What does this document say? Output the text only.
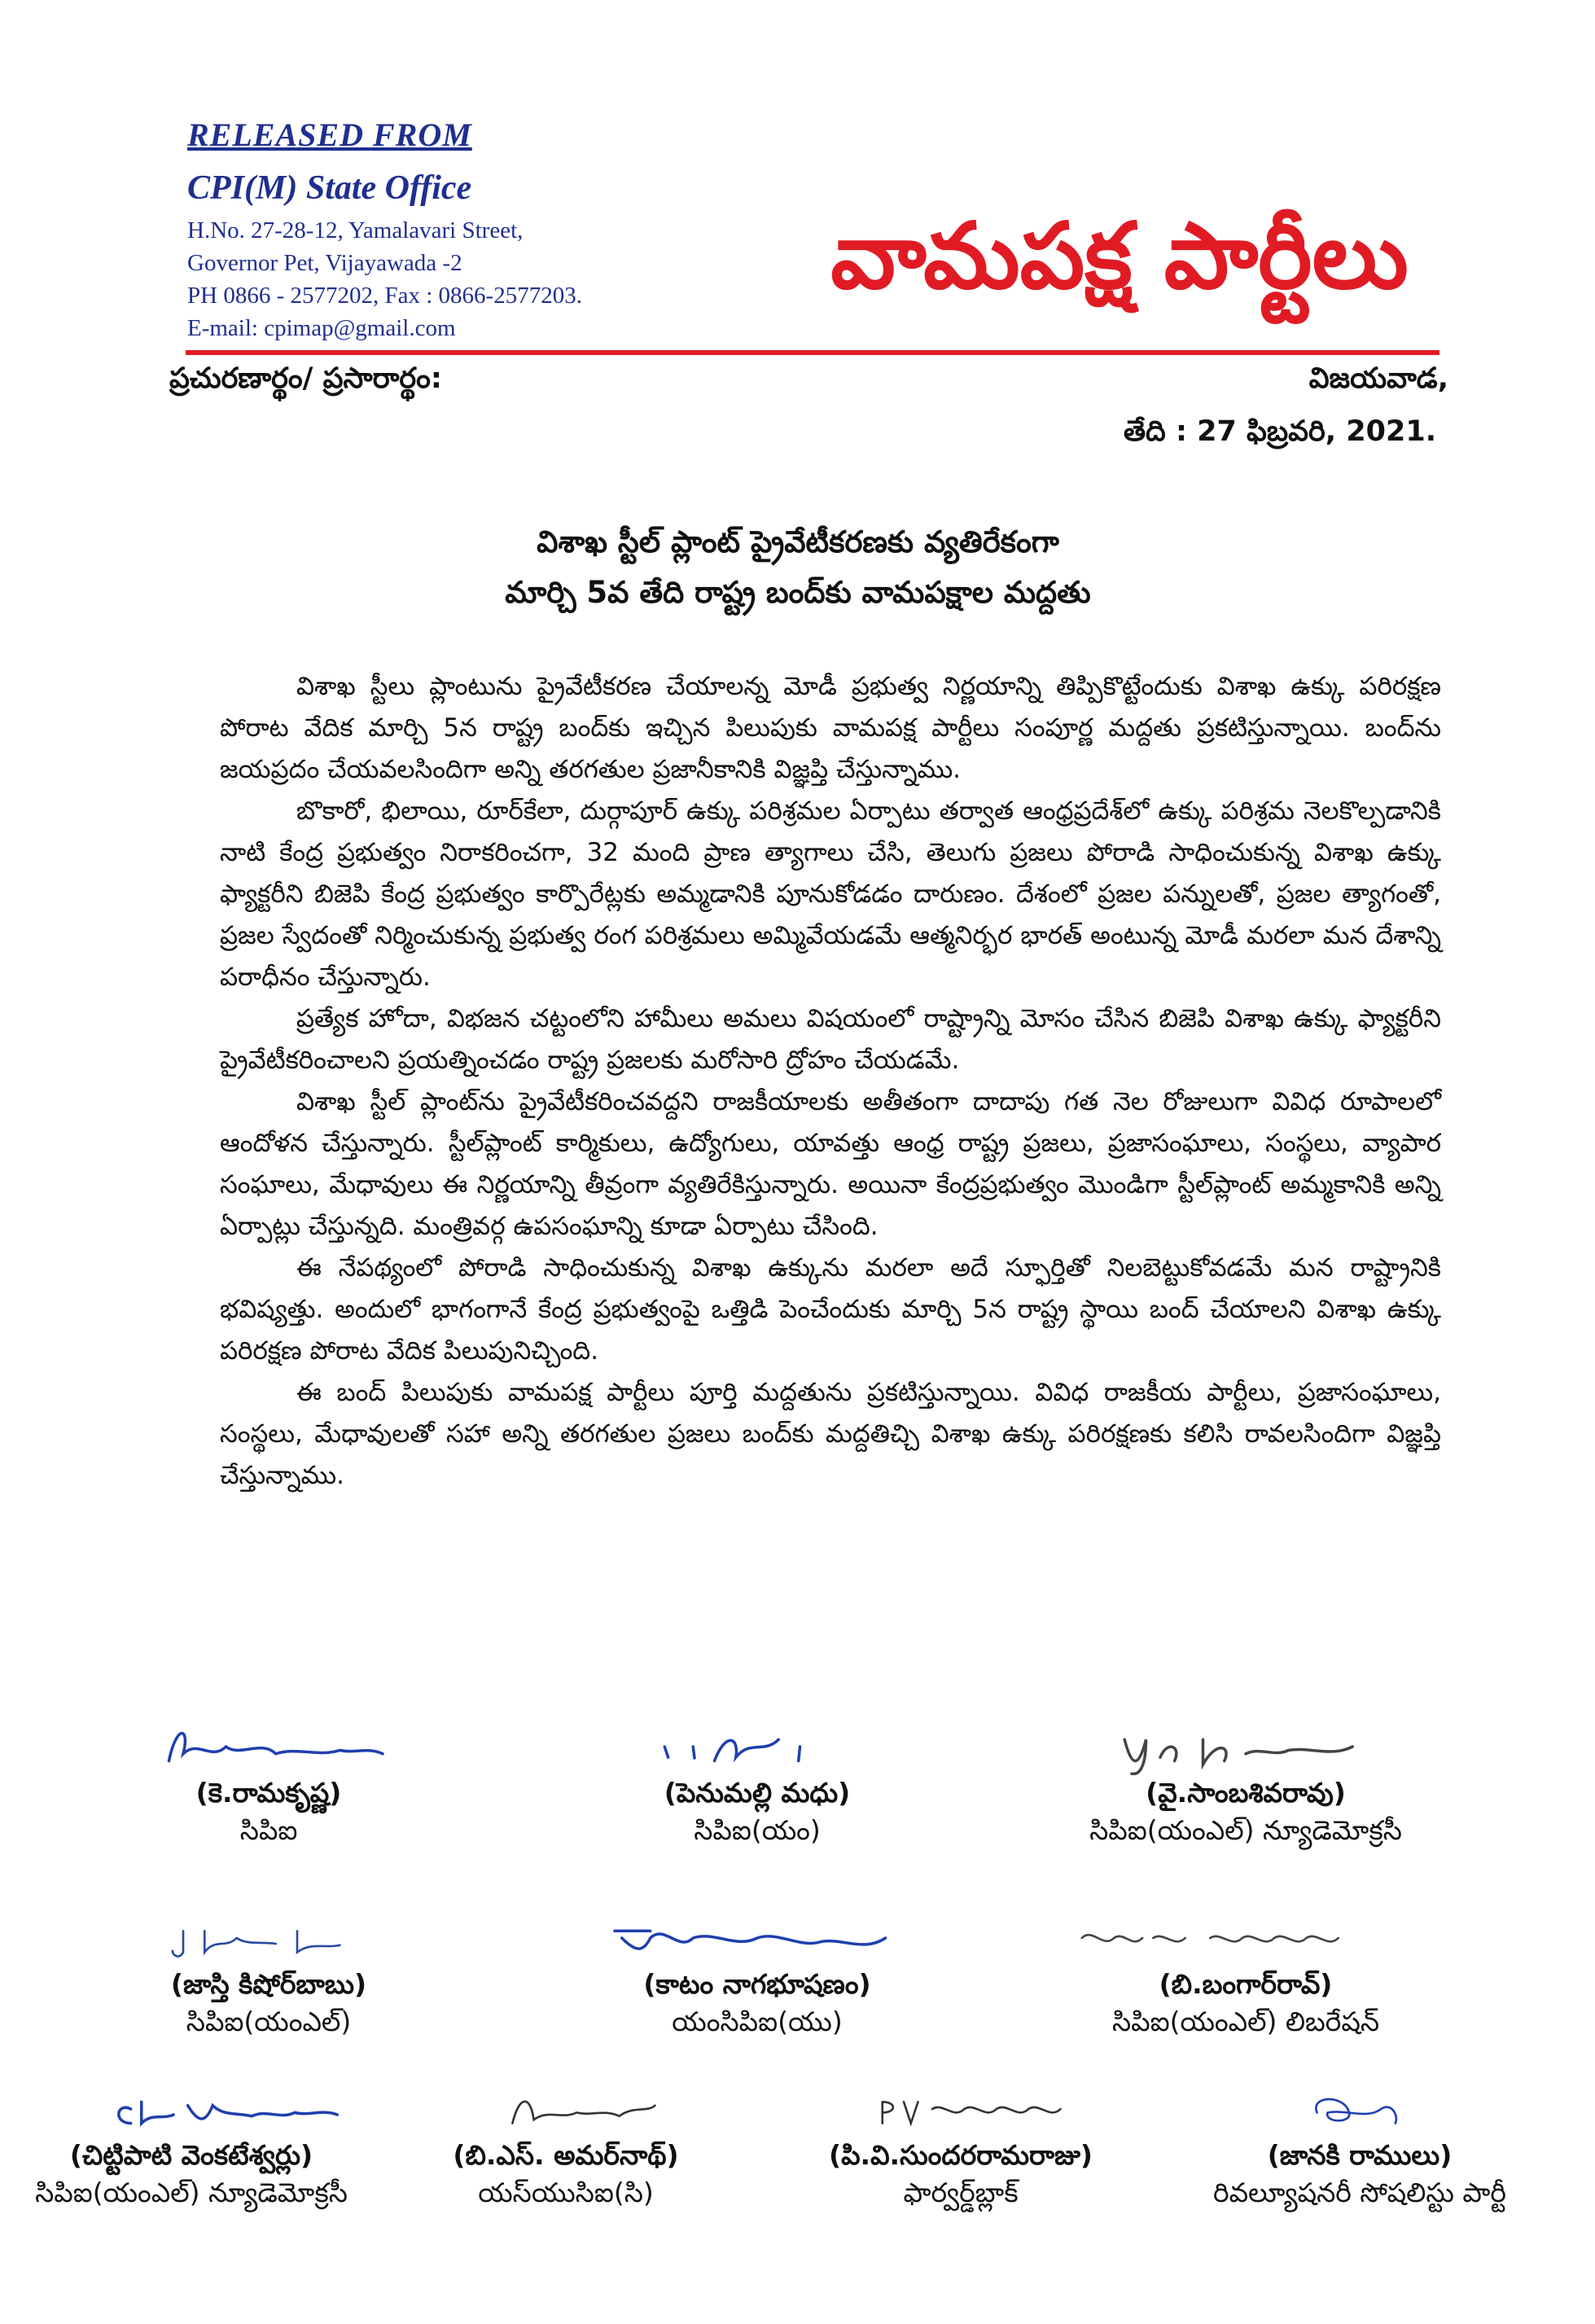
RELEASED FROM
CPI(M) State Office
H.No. 27-28-12, Yamalavari Street,
Governor Pet, Vijayawada -2
PH 0866 - 2577202, Fax : 0866-2577203.
E-mail: cpimap@gmail.com
వామపక్ష పార్టీలు
ప్రచురణార్థం/ ప్రసారార్థం:	విజయవాడ,
తేది : 27 ఫిబ్రవరి, 2021.
విశాఖ స్టీల్ ప్లాంట్ ప్రైవేటీకరణకు వ్యతిరేకంగా
మార్చి 5వ తేది రాష్ట్ర బంద్‌కు వామపక్షాల మద్దతు

విశాఖ స్టీలు ప్లాంటును ప్రైవేటీకరణ చేయాలన్న మోడీ ప్రభుత్వ నిర్ణయాన్ని తిప్పికొట్టేందుకు విశాఖ ఉక్కు పరిరక్షణ పోరాట వేదిక మార్చి 5న రాష్ట్ర బంద్‌కు ఇచ్చిన పిలుపుకు వామపక్ష పార్టీలు సంపూర్ణ మద్దతు ప్రకటిస్తున్నాయి. బంద్‌ను జయప్రదం చేయవలసిందిగా అన్ని తరగతుల ప్రజానీకానికి విజ్ఞప్తి చేస్తున్నాము.

బొకారో, భిలాయి, రూర్‌కేలా, దుర్గాపూర్ ఉక్కు పరిశ్రమల ఏర్పాటు తర్వాత ఆంధ్రప్రదేశ్‌లో ఉక్కు పరిశ్రమ నెలకొల్పడానికి నాటి కేంద్ర ప్రభుత్వం నిరాకరించగా, 32 మంది ప్రాణ త్యాగాలు చేసి, తెలుగు ప్రజలు పోరాడి సాధించుకున్న విశాఖ ఉక్కు ఫ్యాక్టరీని బిజెపి కేంద్ర ప్రభుత్వం కార్పొరేట్లకు అమ్మడానికి పూనుకోడడం దారుణం. దేశంలో ప్రజల పన్నులతో, ప్రజల త్యాగంతో, ప్రజల స్వేదంతో నిర్మించుకున్న ప్రభుత్వ రంగ పరిశ్రమలు అమ్మివేయడమే ఆత్మనిర్భర భారత్ అంటున్న మోడీ మరలా మన దేశాన్ని పరాధీనం చేస్తున్నారు.

ప్రత్యేక హోదా, విభజన చట్టంలోని హామీలు అమలు విషయంలో రాష్ట్రాన్ని మోసం చేసిన బిజెపి విశాఖ ఉక్కు ఫ్యాక్టరీని ప్రైవేటీకరించాలని ప్రయత్నించడం రాష్ట్ర ప్రజలకు మరోసారి ద్రోహం చేయడమే.

విశాఖ స్టీల్ ప్లాంట్‌ను ప్రైవేటీకరించవద్దని రాజకీయాలకు అతీతంగా దాదాపు గత నెల రోజులుగా వివిధ రూపాలలో ఆందోళన చేస్తున్నారు. స్టీల్‌ప్లాంట్ కార్మికులు, ఉద్యోగులు, యావత్తు ఆంధ్ర రాష్ట్ర ప్రజలు, ప్రజాసంఘాలు, సంస్థలు, వ్యాపార సంఘాలు, మేధావులు ఈ నిర్ణయాన్ని తీవ్రంగా వ్యతిరేకిస్తున్నారు. అయినా కేంద్రప్రభుత్వం మొండిగా స్టీల్‌ప్లాంట్ అమ్మకానికి అన్ని ఏర్పాట్లు చేస్తున్నది. మంత్రివర్గ ఉపసంఘాన్ని కూడా ఏర్పాటు చేసింది.

ఈ నేపథ్యంలో పోరాడి సాధించుకున్న విశాఖ ఉక్కును మరలా అదే స్ఫూర్తితో నిలబెట్టుకోవడమే మన రాష్ట్రానికి భవిష్యత్తు. అందులో భాగంగానే కేంద్ర ప్రభుత్వంపై ఒత్తిడి పెంచేందుకు మార్చి 5న రాష్ట్ర స్థాయి బంద్ చేయాలని విశాఖ ఉక్కు పరిరక్షణ పోరాట వేదిక పిలుపునిచ్చింది.

ఈ బంద్ పిలుపుకు వామపక్ష పార్టీలు పూర్తి మద్దతును ప్రకటిస్తున్నాయి. వివిధ రాజకీయ పార్టీలు, ప్రజాసంఘాలు, సంస్థలు, మేధావులతో సహా అన్ని తరగతుల ప్రజలు బంద్‌కు మద్దతిచ్చి విశాఖ ఉక్కు పరిరక్షణకు కలిసి రావలసిందిగా విజ్ఞప్తి చేస్తున్నాము.

(కె.రామకృష్ణ)
సిపిఐ
(పెనుమల్లి మధు)
సిపిఐ(యం)
(వై.సాంబశివరావు)
సిపిఐ(యంఎల్) న్యూడెమోక్రసీ
(జాస్తి కిషోర్‌బాబు)
సిపిఐ(యంఎల్)
(కాటం నాగభూషణం)
యంసిపిఐ(యు)
(బి.బంగార్‌రావ్)
సిపిఐ(యంఎల్) లిబరేషన్
(చిట్టిపాటి వెంకటేశ్వర్లు)
సిపిఐ(యంఎల్) న్యూడెమోక్రసీ
(బి.ఎస్. అమర్‌నాథ్)
యస్‌యుసిఐ(సి)
(పి.వి.సుందరరామరాజు)
ఫార్వర్డ్‌బ్లాక్
(జానకి రాములు)
రివల్యూషనరీ సోషలిస్టు పార్టీ
